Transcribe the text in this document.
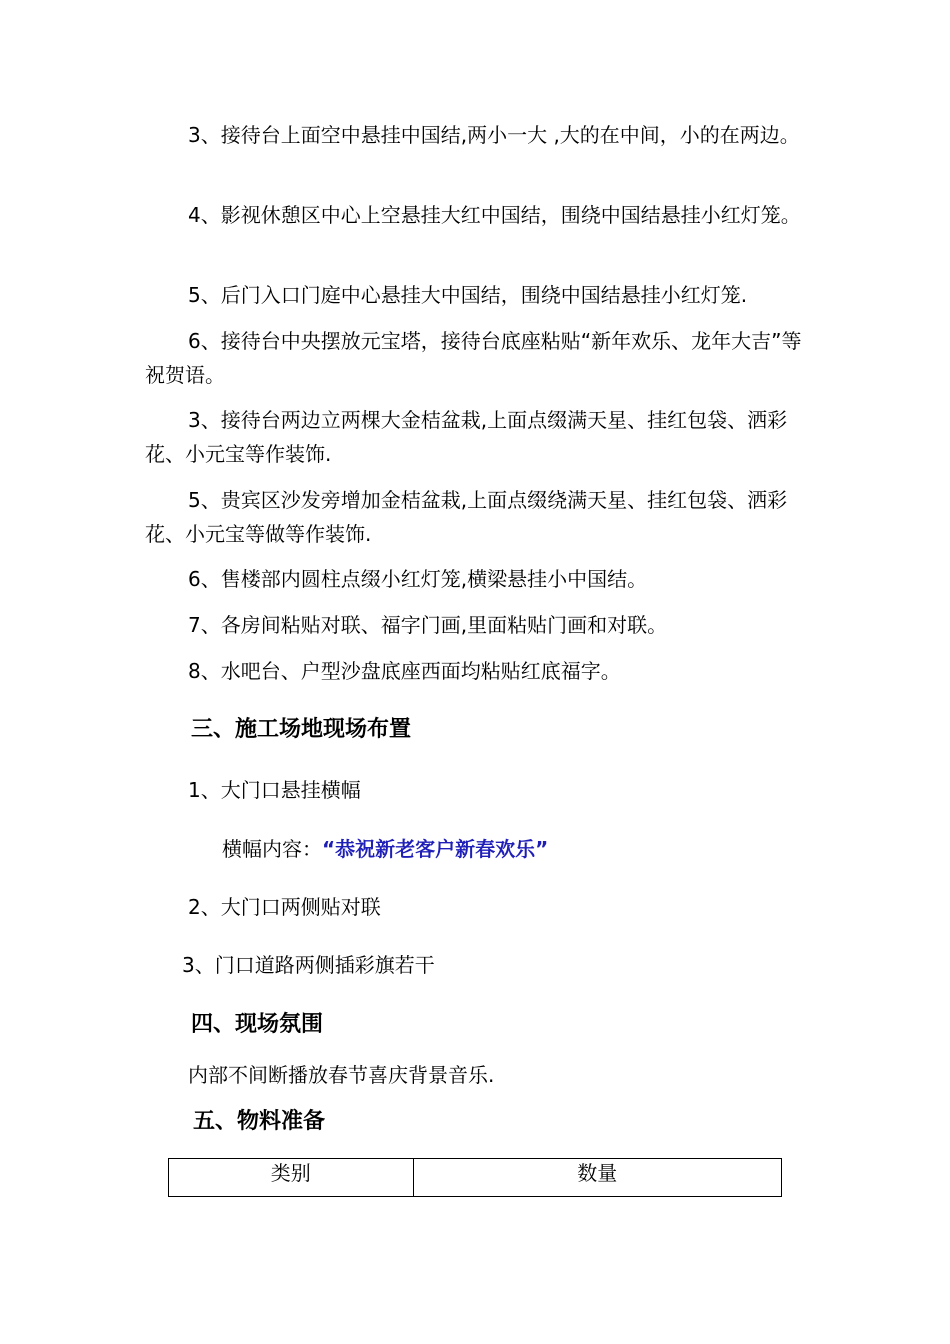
3、接待台上面空中悬挂中国结,两小一大 ,大的在中间，小的在两边。

4、影视休憩区中心上空悬挂大红中国结，围绕中国结悬挂小红灯笼。

5、后门入口门庭中心悬挂大中国结，围绕中国结悬挂小红灯笼.

6、接待台中央摆放元宝塔，接待台底座粘贴“新年欢乐、龙年大吉”等祝贺语。

3、接待台两边立两棵大金桔盆栽,上面点缀满天星、挂红包袋、洒彩花、小元宝等作装饰.

5、贵宾区沙发旁增加金桔盆栽,上面点缀绕满天星、挂红包袋、洒彩花、小元宝等做等作装饰.

6、售楼部内圆柱点缀小红灯笼,横梁悬挂小中国结。

7、各房间粘贴对联、福字门画,里面粘贴门画和对联。

8、水吧台、户型沙盘底座西面均粘贴红底福字。

三、施工场地现场布置

1、大门口悬挂横幅

横幅内容：“恭祝新老客户新春欢乐”

2、大门口两侧贴对联

3、门口道路两侧插彩旗若干

四、现场氛围

内部不间断播放春节喜庆背景音乐.

五、物料准备
类别	数量
